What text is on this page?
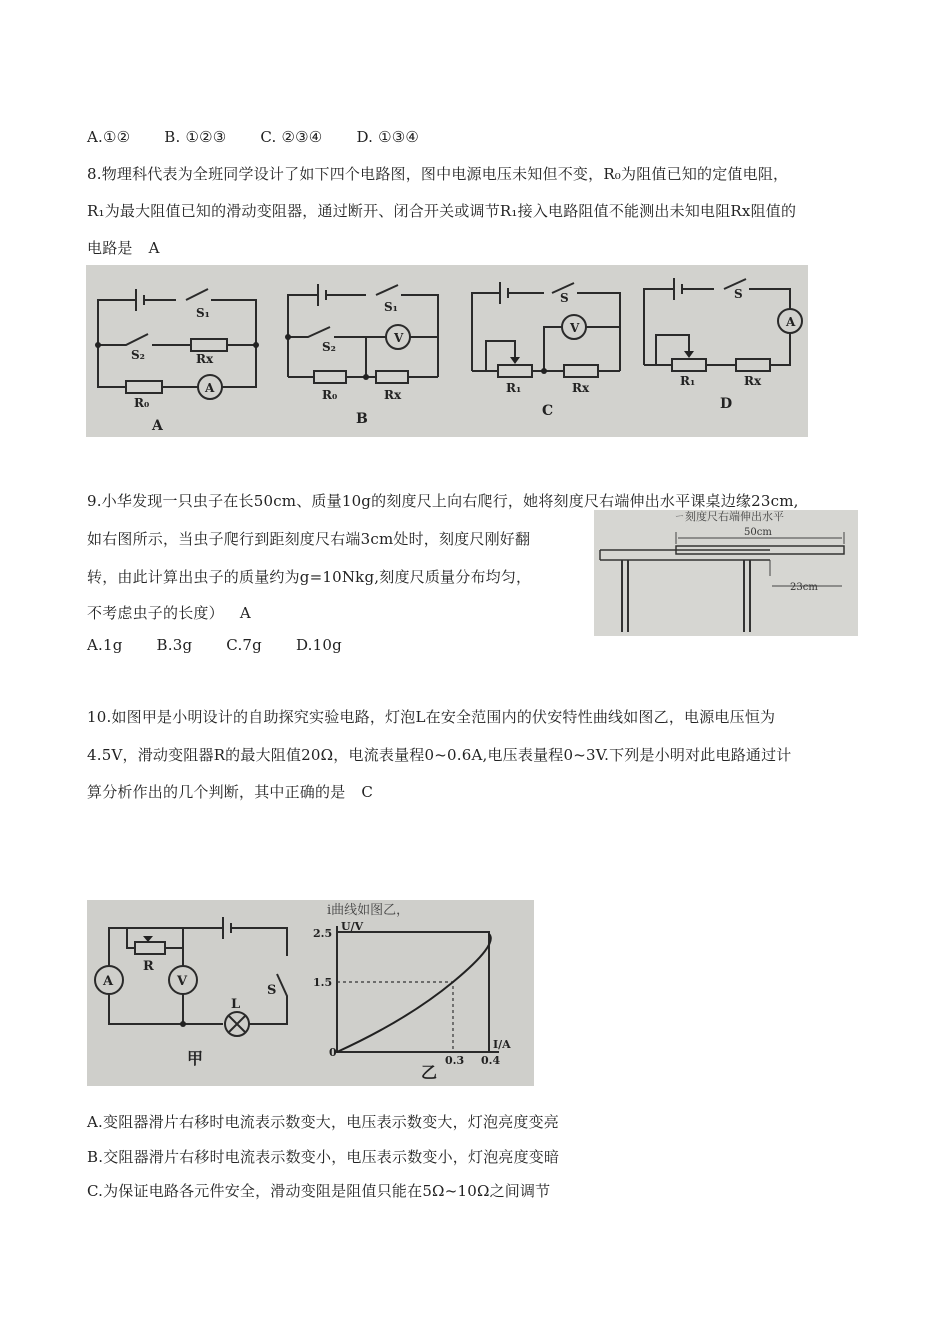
A.①② B. ①②③ C. ②③④ D. ①③④
8.物理科代表为全班同学设计了如下四个电路图，图中电源电压未知但不变，R₀为阻值已知的定值电阻，
R₁为最大阻值已知的滑动变阻器，通过断开、闭合开关或调节R₁接入电路阻值不能测出未知电阻Rx阻值的
电路是 A
S₁
S₂	Rx
R₀
A
A
S₁
S₂
V
R₀	Rx
B
S
V
R₁	Rx
C
S
A
R₁	Rx
D
9.小华发现一只虫子在长50cm、质量10g的刻度尺上向右爬行，她将刻度尺右端伸出水平课桌边缘23cm,
如右图所示，当虫子爬行到距刻度尺右端3cm处时，刻度尺刚好翻
转，由此计算出虫子的质量约为g=10Nkg,刻度尺质量分布均匀，
不考虑虫子的长度） A
A.1g B.3g C.7g D.10g
ㄧ刻度尺右端伸出水平
50cm
23cm
10.如图甲是小明设计的自助探究实验电路，灯泡L在安全范围内的伏安特性曲线如图乙，电源电压恒为
4.5V，滑动变阻器R的最大阻值20Ω，电流表量程0~0.6A,电压表量程0~3V.下列是小明对此电路通过计
算分析作出的几个判断，其中正确的是 C
i曲线如图乙，
A	V
R
L
S
甲
U/V
2.5
1.5
0
0.3 0.4
I/A
乙
A.变阻器滑片右移时电流表示数变大，电压表示数变大，灯泡亮度变亮
B.交阻器滑片右移时电流表示数变小，电压表示数变小，灯泡亮度变暗
C.为保证电路各元件安全，滑动变阻是阻值只能在5Ω~10Ω之间调节
